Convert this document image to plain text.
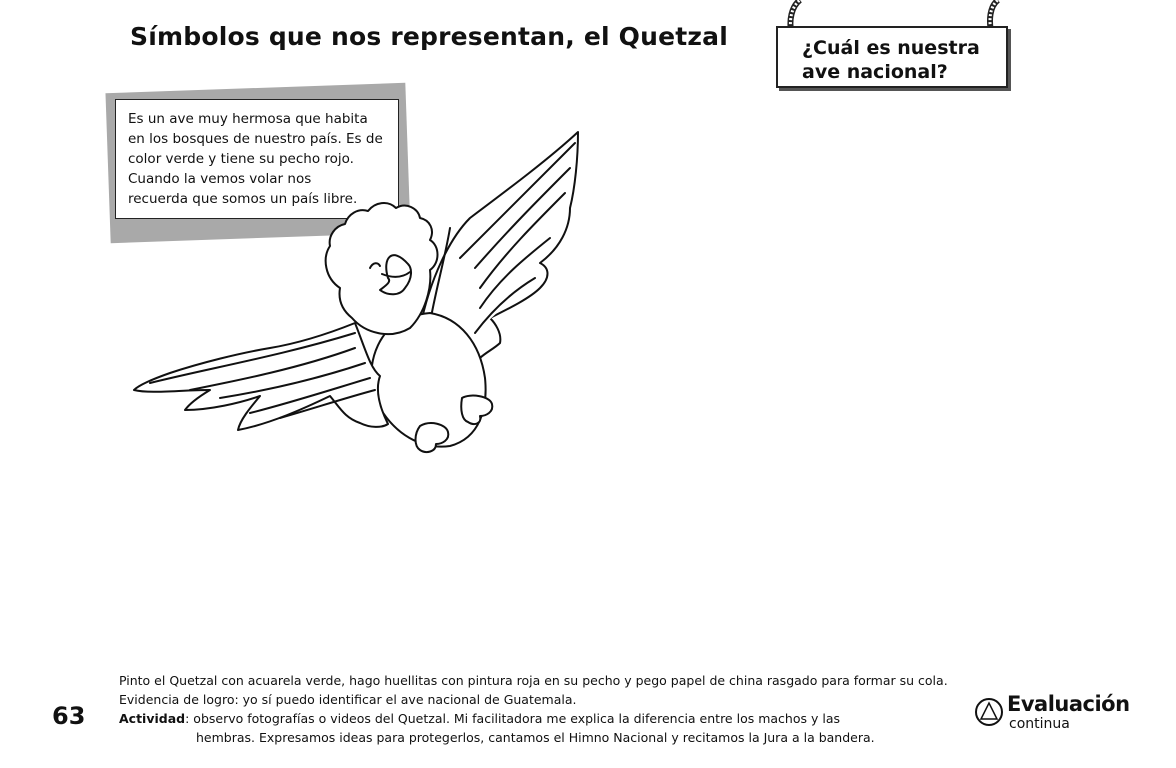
Símbolos que nos representan, el Quetzal	¿Cuál es nuestra
ave nacional?
Es un ave muy hermosa que habita
en los bosques de nuestro país. Es de
color verde y tiene su pecho rojo.
Cuando la vemos volar nos
recuerda que somos un país libre.
Pinto el Quetzal con acuarela verde, hago huellitas con pintura roja en su pecho y pego papel de china rasgado para formar su cola.
Evidencia de logro: yo sí puedo identificar el ave nacional de Guatemala.
Actividad: observo fotografías o videos del Quetzal. Mi facilitadora me explica la diferencia entre los machos y las
hembras. Expresamos ideas para protegerlos, cantamos el Himno Nacional y recitamos la Jura a la bandera.
63	Evaluación
continua
